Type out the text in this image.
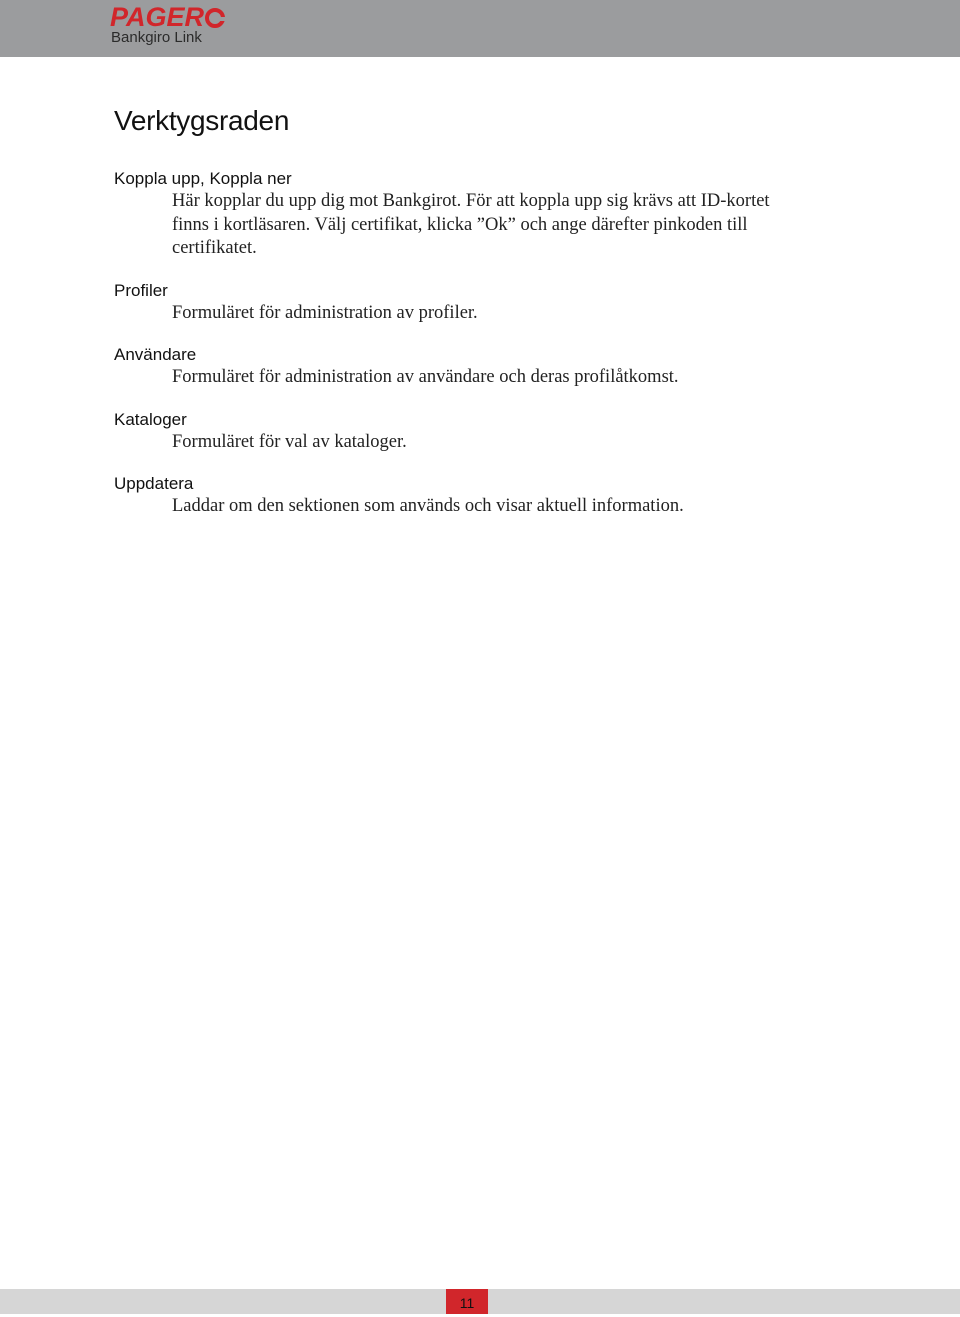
PAGER
Bankgiro Link
Verktygsraden

Koppla upp, Koppla ner

Här kopplar du upp dig mot Bankgirot. För att koppla upp sig krävs att ID-kortet finns i kortläsaren. Välj certifikat, klicka ”Ok” och ange därefter pinkoden till certifikatet.

Profiler

Formuläret för administration av profiler.

Användare

Formuläret för administration av användare och deras profilåtkomst.

Kataloger

Formuläret för val av kataloger.

Uppdatera

Laddar om den sektionen som används och visar aktuell information.

11
